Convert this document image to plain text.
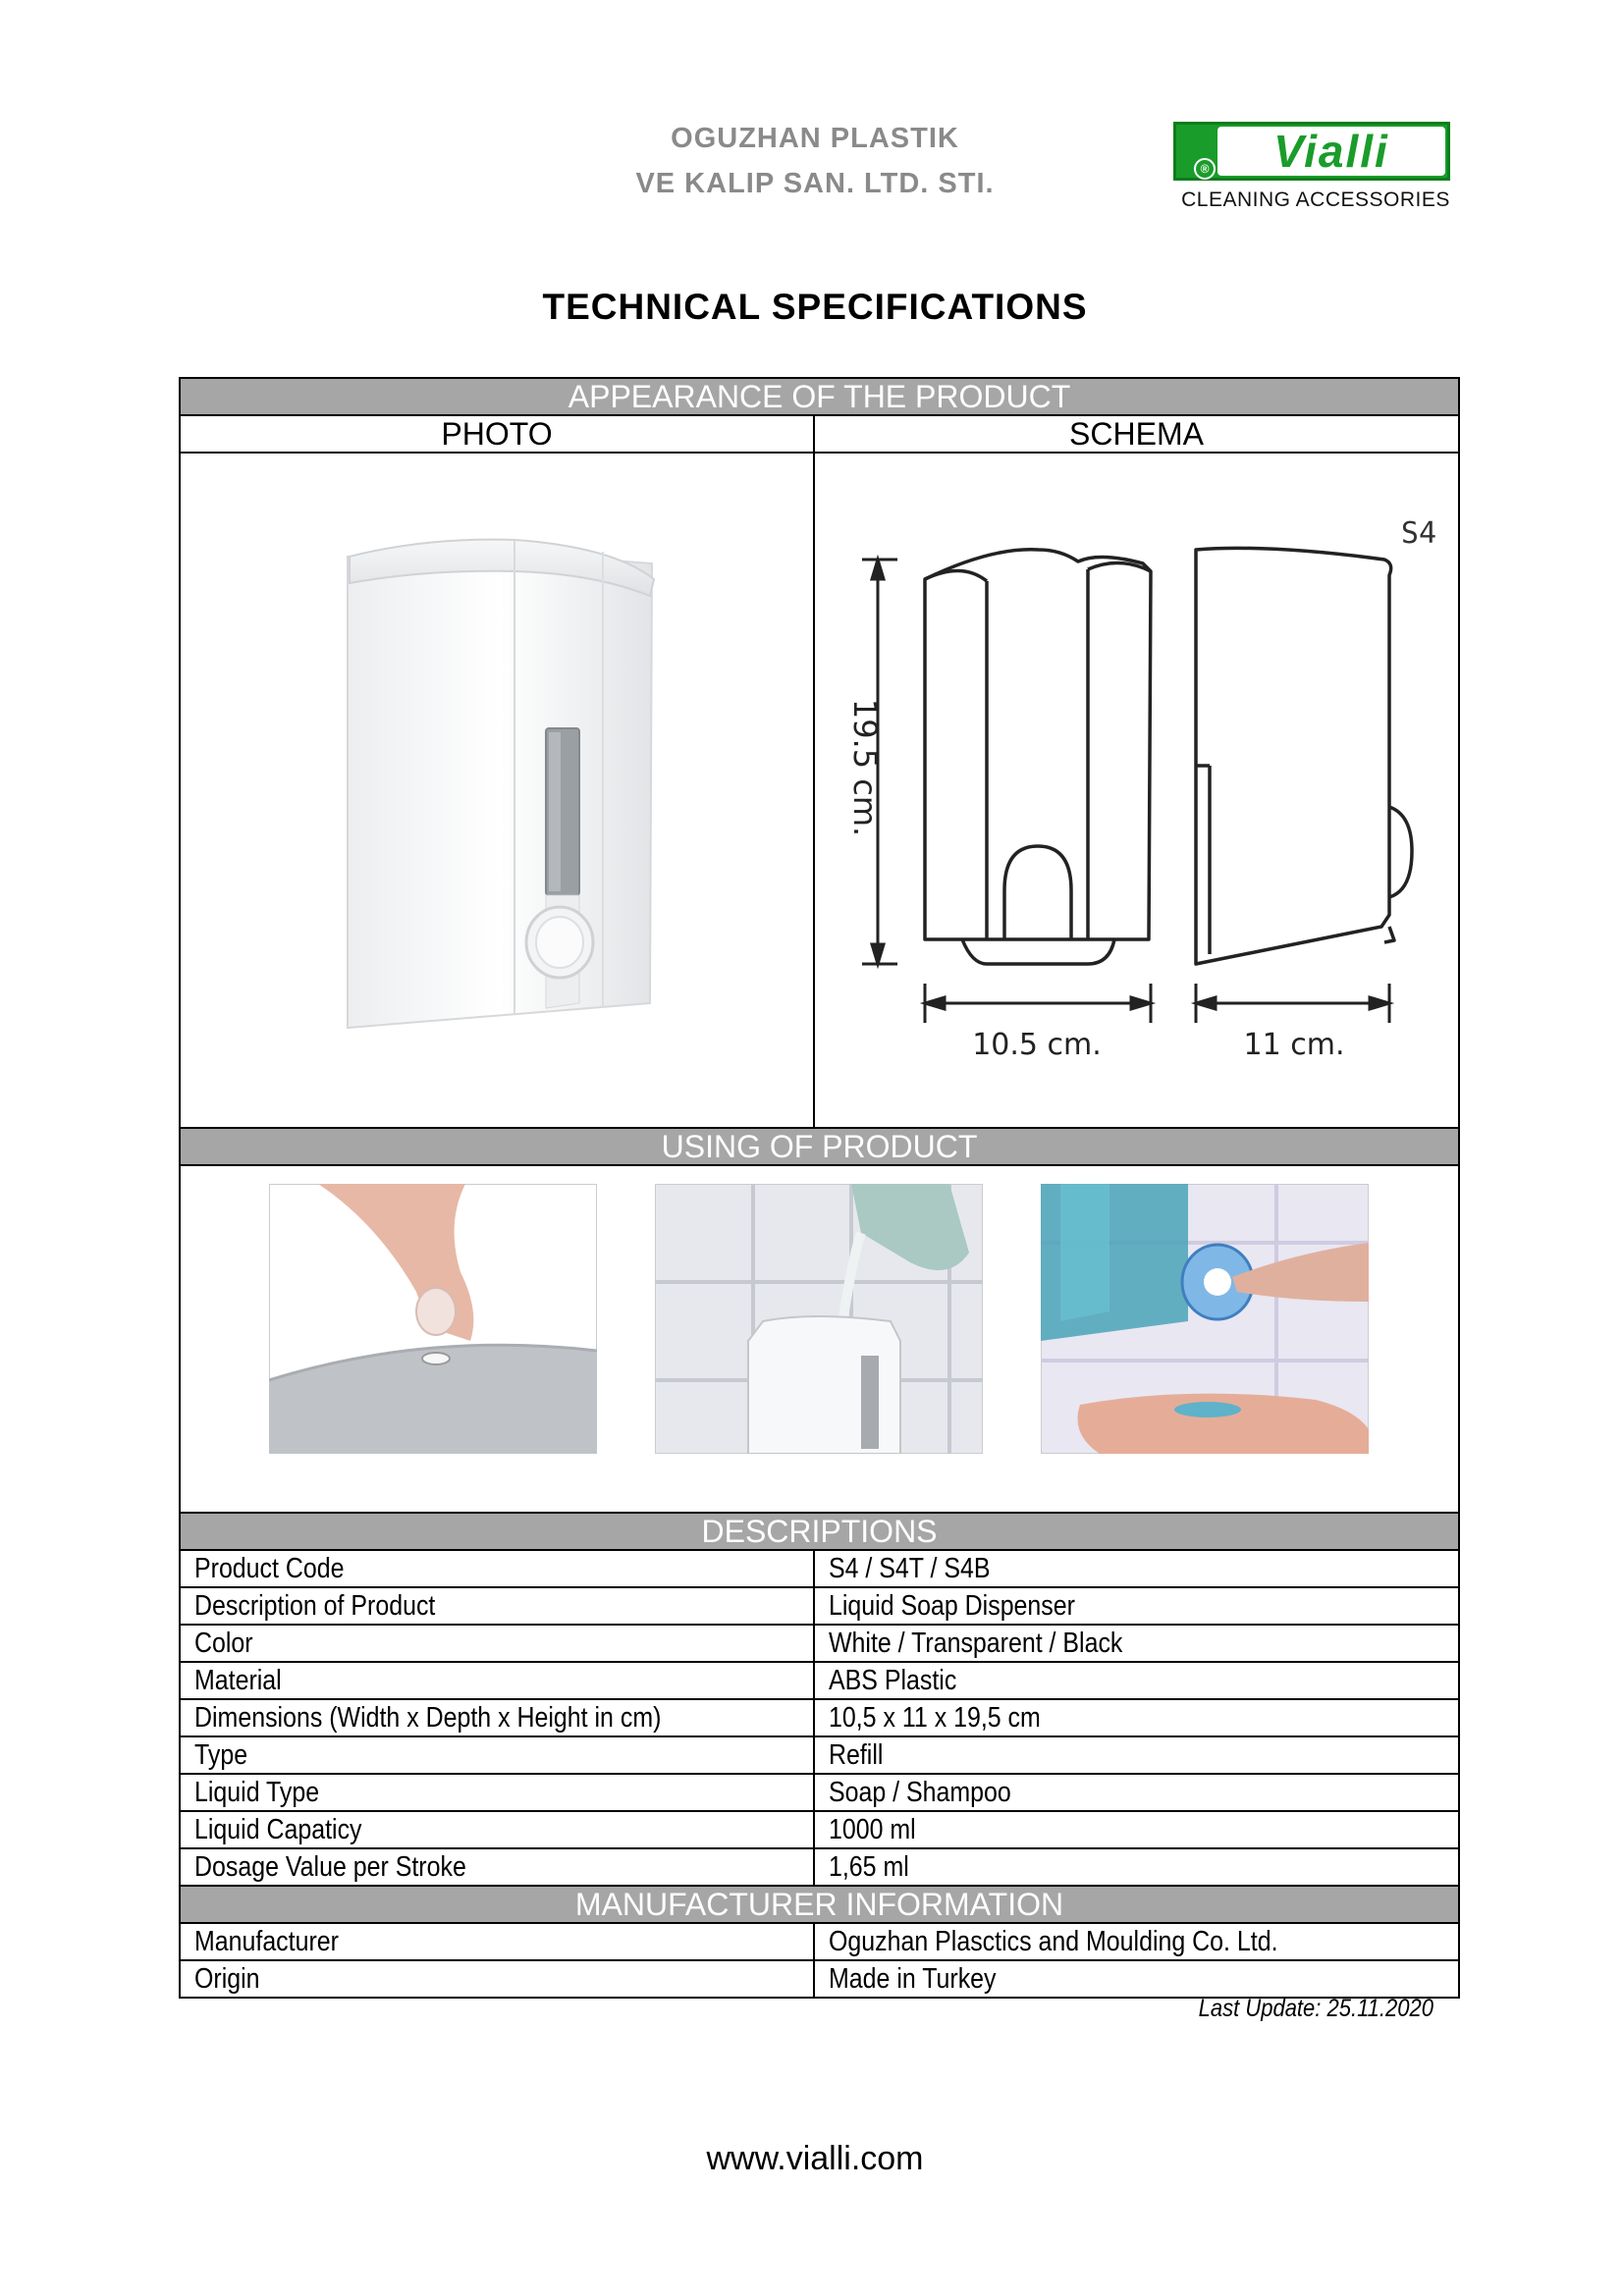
OGUZHAN PLASTIK
VE KALIP SAN. LTD. STI.	®	Vialli
CLEANING ACCESSORIES
TECHNICAL SPECIFICATIONS
APPEARANCE OF THE PRODUCT	
PHOTO	SCHEMA

S4
19.5 cm.
10.5 cm. 11 cm.

USING OF PRODUCT	

DESCRIPTIONS	
Product Code	S4 / S4T / S4B
Description of Product	Liquid Soap Dispenser
Color	White / Transparent / Black
Material	ABS Plastic
Dimensions (Width x Depth x Height in cm)	10,5 x 11 x 19,5 cm
Type	Refill
Liquid Type	Soap / Shampoo
Liquid Capaticy	1000 ml
Dosage Value per Stroke	1,65 ml
MANUFACTURER INFORMATION	
Manufacturer	Oguzhan Plasctics and Moulding Co. Ltd.
Origin	Made in Turkey
Last Update: 25.11.2020
www.vialli.com
